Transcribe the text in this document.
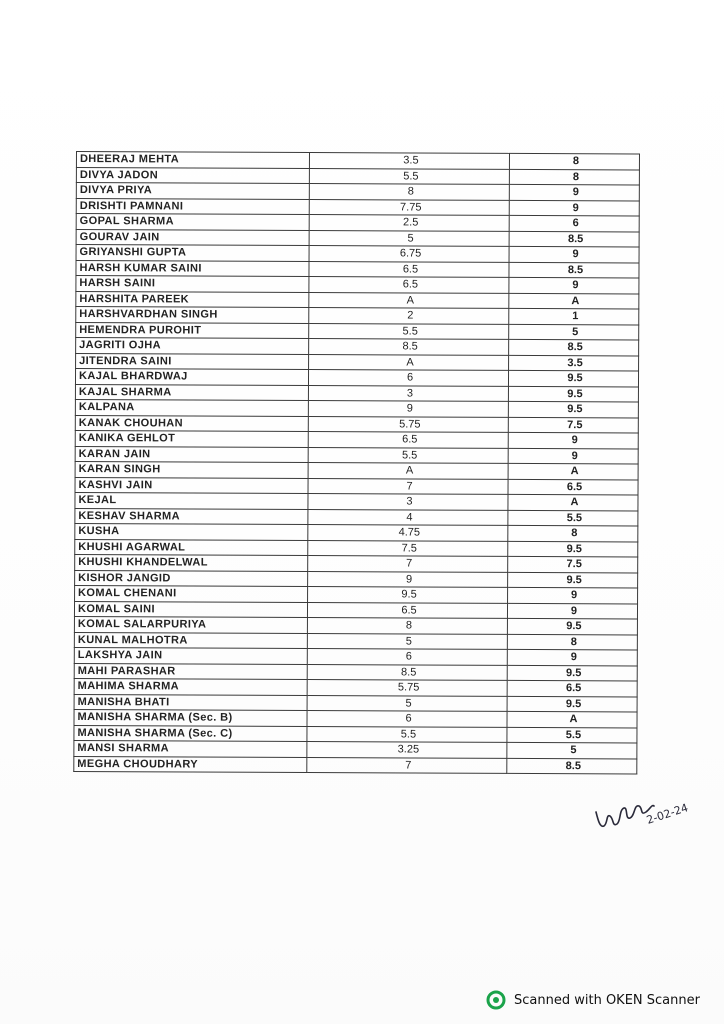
DHEERAJ MEHTA	3.5	8
DIVYA JADON	5.5	8
DIVYA PRIYA	8	9
DRISHTI PAMNANI	7.75	9
GOPAL SHARMA	2.5	6
GOURAV JAIN	5	8.5
GRIYANSHI GUPTA	6.75	9
HARSH KUMAR SAINI	6.5	8.5
HARSH SAINI	6.5	9
HARSHITA PAREEK	A	A
HARSHVARDHAN SINGH	2	1
HEMENDRA PUROHIT	5.5	5
JAGRITI OJHA	8.5	8.5
JITENDRA SAINI	A	3.5
KAJAL BHARDWAJ	6	9.5
KAJAL SHARMA	3	9.5
KALPANA	9	9.5
KANAK CHOUHAN	5.75	7.5
KANIKA GEHLOT	6.5	9
KARAN JAIN	5.5	9
KARAN SINGH	A	A
KASHVI JAIN	7	6.5
KEJAL	3	A
KESHAV SHARMA	4	5.5
KUSHA	4.75	8
KHUSHI AGARWAL	7.5	9.5
KHUSHI KHANDELWAL	7	7.5
KISHOR JANGID	9	9.5
KOMAL CHENANI	9.5	9
KOMAL SAINI	6.5	9
KOMAL SALARPURIYA	8	9.5
KUNAL MALHOTRA	5	8
LAKSHYA JAIN	6	9
MAHI PARASHAR	8.5	9.5
MAHIMA SHARMA	5.75	6.5
MANISHA BHATI	5	9.5
MANISHA SHARMA (Sec. B)	6	A
MANISHA SHARMA (Sec. C)	5.5	5.5
MANSI SHARMA	3.25	5
MEGHA CHOUDHARY	7	8.5
2-02-24
Scanned with OKEN Scanner
